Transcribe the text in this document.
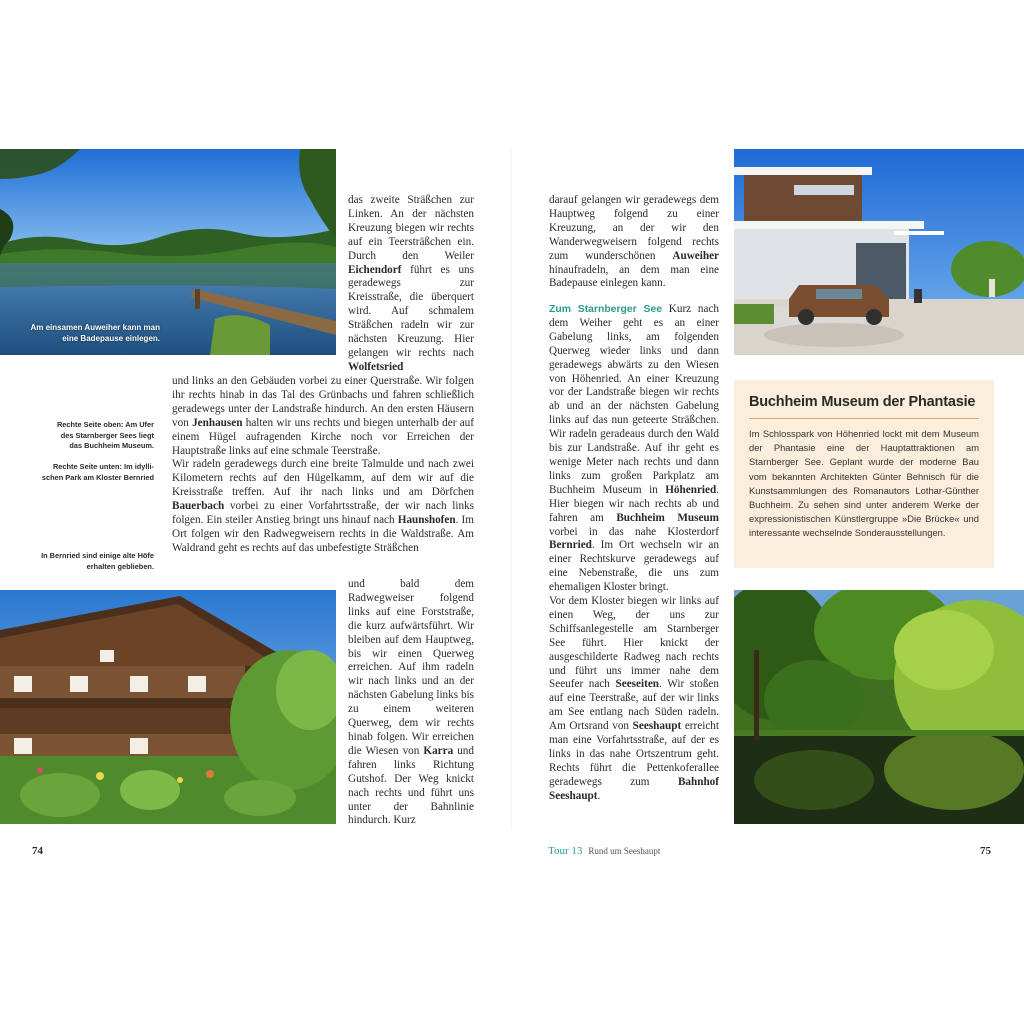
Am einsamen Auweiher kann man
eine Badepause einlegen.
das zweite Sträßchen zur Linken. An der nächsten Kreuzung biegen wir rechts auf ein Teersträßchen ein. Durch den Weiler Eichendorf führt es uns geradewegs zur Kreisstraße, die überquert wird. Auf schmalem Sträßchen radeln wir zur nächsten Kreuzung. Hier gelangen wir rechts nach Wolfetsried
und links an den Gebäuden vorbei zu einer Querstraße. Wir folgen ihr rechts hinab in das Tal des Grünbachs und fahren schließlich geradewegs unter der Landstraße hindurch. An den ersten Häusern von Jenhausen halten wir uns rechts und biegen unterhalb der auf einem Hügel aufragenden Kirche noch vor Erreichen der Hauptstraße links auf eine schmale Teerstraße.
Wir radeln geradewegs durch eine breite Talmulde und nach zwei Kilometern rechts auf den Hügelkamm, auf dem wir auf die Kreisstraße treffen. Auf ihr nach links und am Dörfchen Bauerbach vorbei zu einer Vorfahrtsstraße, der wir nach links folgen. Ein steiler Anstieg bringt uns hinauf nach Haunshofen. Im Ort folgen wir den Radwegweisern rechts in die Waldstraße. Am Waldrand geht es rechts auf das unbefestigte Sträßchen
Rechte Seite oben: Am Ufer
des Starnberger Sees liegt
das Buchheim Museum.
Rechte Seite unten: Im idylli-
schen Park am Kloster Bernried
In Bernried sind einige alte Höfe
erhalten geblieben.
und bald dem Radwegweiser folgend links auf eine Forststraße, die kurz aufwärtsführt. Wir bleiben auf dem Hauptweg, bis wir einen Querweg erreichen. Auf ihm radeln wir nach links und an der nächsten Gabelung links bis zu einem weiteren Querweg, dem wir rechts hinab folgen. Wir erreichen die Wiesen von Karra und fahren links Richtung Gutshof. Der Weg knickt nach rechts und führt uns unter der Bahnlinie hindurch. Kurz
darauf gelangen wir geradewegs dem Hauptweg folgend zu einer Kreuzung, an der wir den Wanderwegweisern folgend rechts zum wunderschönen Auweiher hinaufradeln, an dem man eine Badepause einlegen kann.
Zum Starnberger See Kurz nach dem Weiher geht es an einer Gabelung links, am folgenden Querweg wieder links und dann geradewegs abwärts zu den Wiesen von Höhenried. An einer Kreuzung vor der Landstraße biegen wir rechts ab und an der nächsten Gabelung links auf das nun geteerte Sträßchen. Wir radeln geradeaus durch den Wald bis zur Landstraße. Auf ihr geht es wenige Meter nach rechts und dann links zum großen Parkplatz am Buchheim Museum in Höhenried. Hier biegen wir nach rechts ab und fahren am Buchheim Museum vorbei in das nahe Klosterdorf Bernried. Im Ort wechseln wir an einer Rechtskurve geradewegs auf eine Nebenstraße, die uns zum ehemaligen Kloster bringt.
Vor dem Kloster biegen wir links auf einen Weg, der uns zur Schiffsanlegestelle am Starnberger See führt. Hier knickt der ausgeschilderte Radweg nach rechts und führt uns immer nahe dem Seeufer nach Seeseiten. Wir stoßen auf eine Teerstraße, auf der wir links am See entlang nach Süden radeln. Am Ortsrand von Seeshaupt erreicht man eine Vorfahrtsstraße, auf der es links in das nahe Ortszentrum geht. Rechts führt die Pettenkoferallee geradewegs zum Bahnhof Seeshaupt.
Buchheim Museum der Phantasie
Im Schlosspark von Höhenried lockt mit dem Museum der Phantasie eine der Hauptattraktionen am Starnberger See. Geplant wurde der moderne Bau vom bekannten Architekten Günter Behnisch für die Kunstsammlungen des Romanautors Lothar-Günther Buchheim. Zu sehen sind unter anderem Werke der expressionistischen Künstlergruppe »Die Brücke« und interessante wechselnde Sonderausstellungen.
74	Tour 13 Rund um Seeshaupt	75
